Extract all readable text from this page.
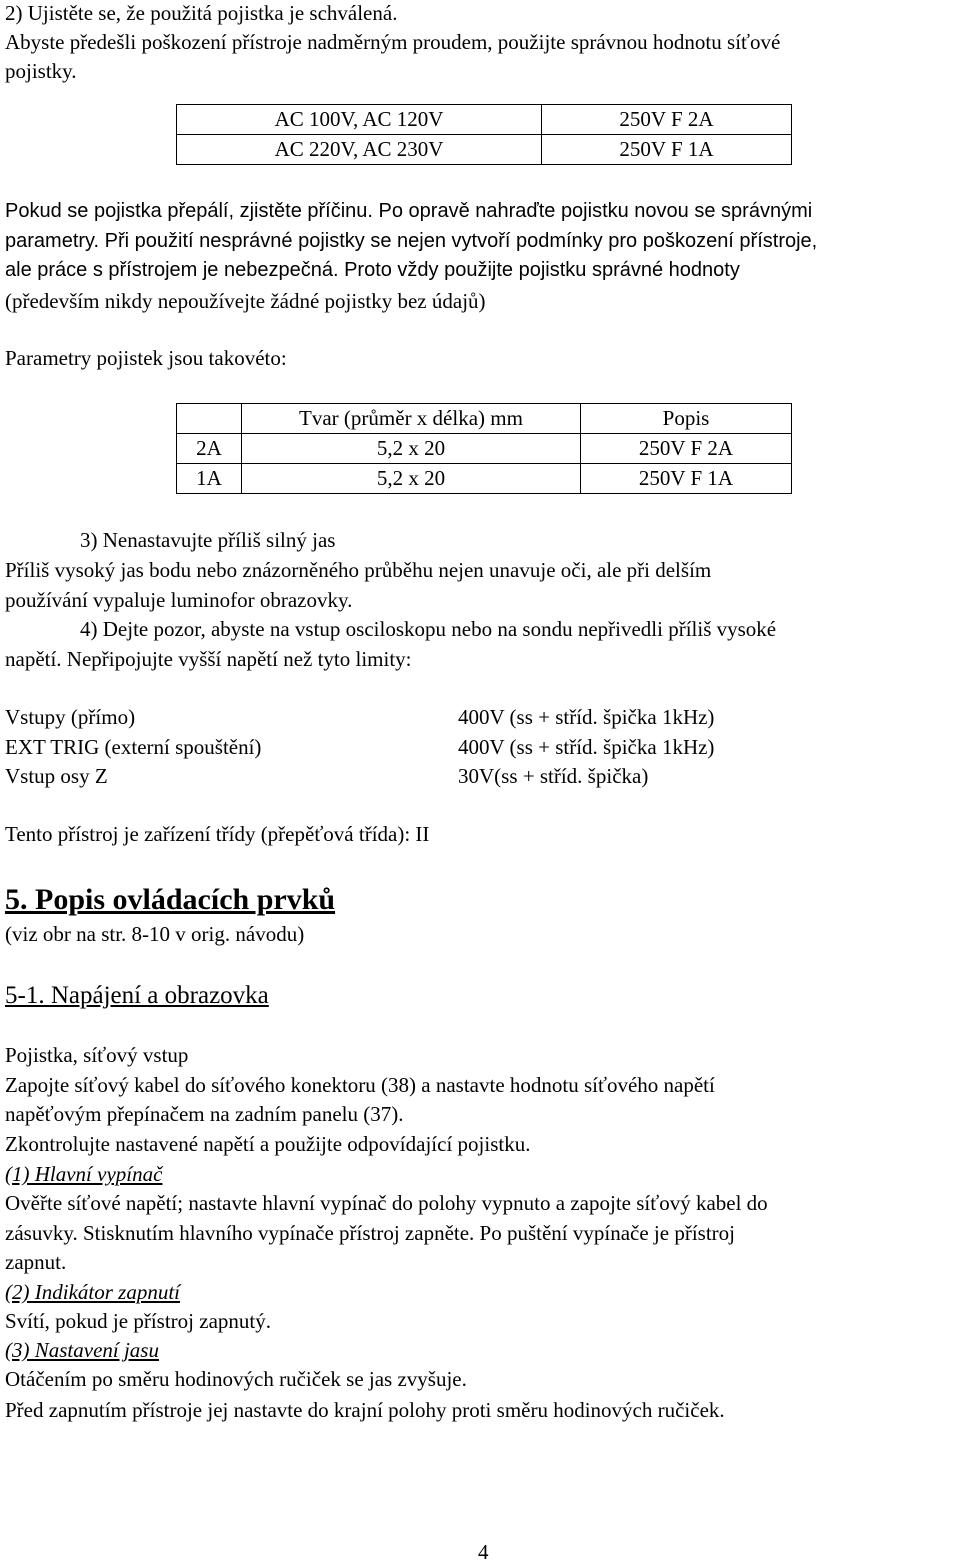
2) Ujistěte se, že použitá pojistka je schválená.
Abyste předešli poškození přístroje nadměrným proudem, použijte správnou hodnotu síťové
pojistky.
AC 100V, AC 120V	250V F 2A
AC 220V, AC 230V	250V F 1A
Pokud se pojistka přepálí, zjistěte příčinu. Po opravě nahraďte pojistku novou se správnými
parametry. Při použití nesprávné pojistky se nejen vytvoří podmínky pro poškození přístroje,
ale práce s přístrojem je nebezpečná. Proto vždy použijte pojistku správné hodnoty
(především nikdy nepoužívejte žádné pojistky bez údajů)
Parametry pojistek jsou takovéto:
	Tvar (průměr x délka) mm	Popis
2A	5,2 x 20	250V F 2A
1A	5,2 x 20	250V F 1A
3) Nenastavujte příliš silný jas
Příliš vysoký jas bodu nebo znázorněného průběhu nejen unavuje oči, ale při delším
používání vypaluje luminofor obrazovky.
4) Dejte pozor, abyste na vstup osciloskopu nebo na sondu nepřivedli příliš vysoké
napětí. Nepřipojujte vyšší napětí než tyto limity:
Vstupy (přímo)	400V (ss + stříd. špička 1kHz)
EXT TRIG (externí spouštění)	400V (ss + stříd. špička 1kHz)
Vstup osy Z	30V(ss + stříd. špička)
Tento přístroj je zařízení třídy (přepěťová třída): II
5. Popis ovládacích prvků
(viz obr na str. 8-10 v orig. návodu)
5-1. Napájení a obrazovka
Pojistka, síťový vstup
Zapojte síťový kabel do síťového konektoru (38) a nastavte hodnotu síťového napětí
napěťovým přepínačem na zadním panelu (37).
Zkontrolujte nastavené napětí a použijte odpovídající pojistku.
(1) Hlavní vypínač
Ověřte síťové napětí; nastavte hlavní vypínač do polohy vypnuto a zapojte síťový kabel do
zásuvky. Stisknutím hlavního vypínače přístroj zapněte. Po puštění vypínače je přístroj
zapnut.
(2) Indikátor zapnutí
Svítí, pokud je přístroj zapnutý.
(3) Nastavení jasu
Otáčením po směru hodinových ručiček se jas zvyšuje.
Před zapnutím přístroje jej nastavte do krajní polohy proti směru hodinových ručiček.
4
